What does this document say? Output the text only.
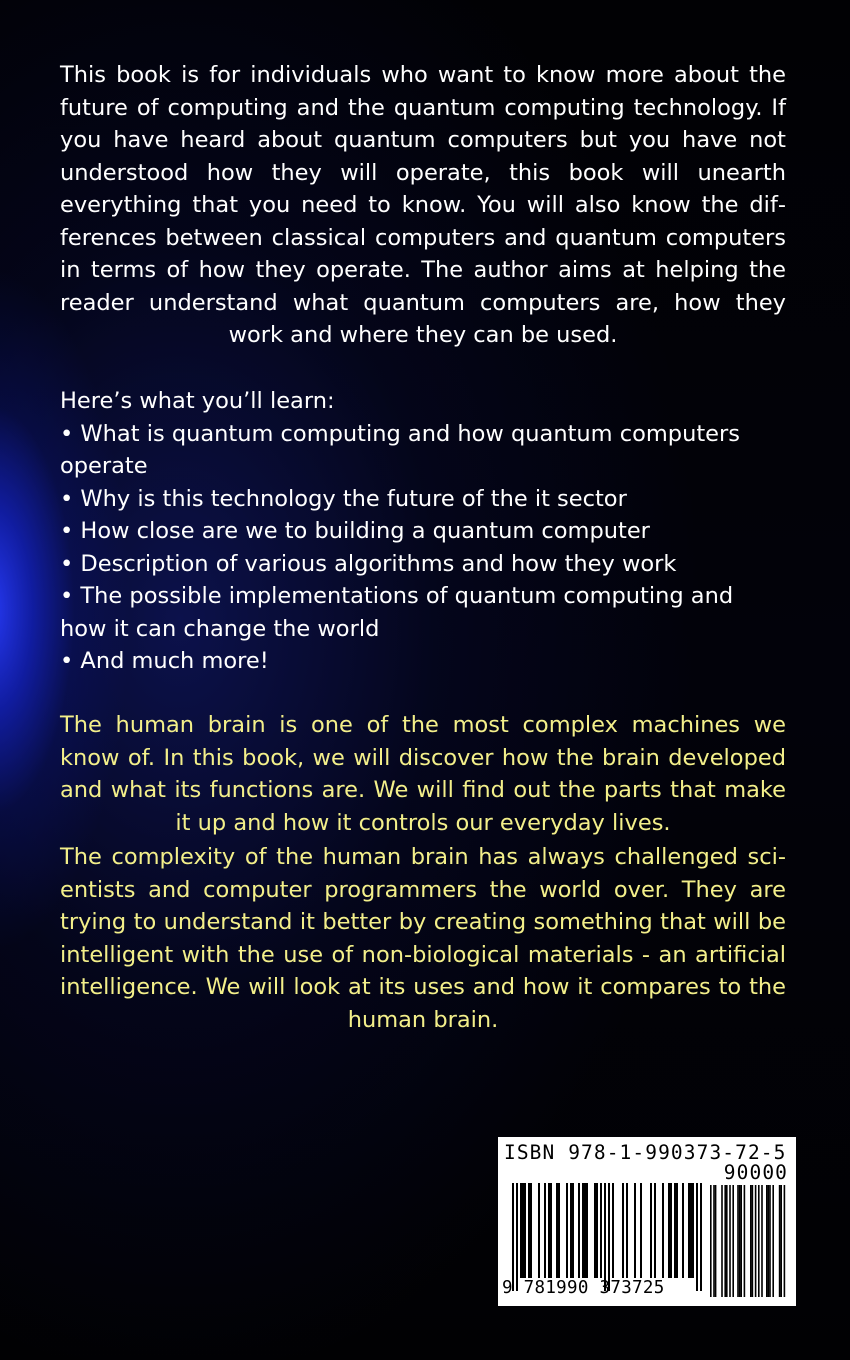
This book is for individuals who want to know more about the future of computing and the quantum computing technology. If you have heard about quantum computers but you have not understood how they will operate, this book will unearth everything that you need to know. You will also know the differences between classical computers and quantum computers in terms of how they operate. The author aims at helping the reader understand what quantum computers are, how they work and where they can be used.
Here’s what you’ll learn:
• What is quantum computing and how quantum computers operate
• Why is this technology the future of the it sector
• How close are we to building a quantum computer
• Description of various algorithms and how they work
• The possible implementations of quantum computing and how it can change the world
• And much more!
The human brain is one of the most complex machines we know of. In this book, we will discover how the brain developed and what its functions are. We will find out the parts that make it up and how it controls our everyday lives.
The complexity of the human brain has always challenged scientists and computer programmers the world over. They are trying to understand it better by creating something that will be intelligent with the use of non-biological materials - an artificial intelligence. We will look at its uses and how it compares to the human brain.
ISBN 978-1-990373-72-5
90000
9 781990 373725
